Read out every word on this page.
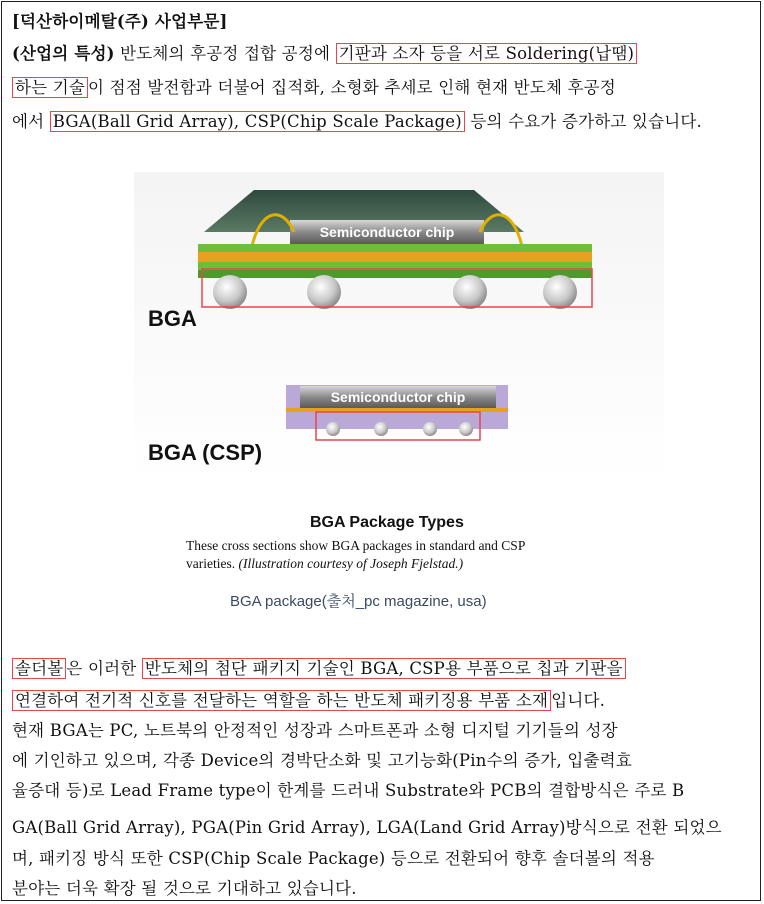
[덕산하이메탈(주) 사업부문]
(산업의 특성) 반도체의 후공정 접합 공정에 기판과 소자 등을 서로 Soldering(납땜)
하는 기술 이 점점 발전함과 더불어 집적화, 소형화 추세로 인해 현재 반도체 후공정
에서 BGA(Ball Grid Array), CSP(Chip Scale Package) 등의 수요가 증가하고 있습니다.
Semiconductor chip
BGA
Semiconductor chip
BGA (CSP)
BGA Package Types
These cross sections show BGA packages in standard and CSP
varieties. (Illustration courtesy of Joseph Fjelstad.)
BGA package(출처_pc magazine, usa)
솔더볼 은 이러한 반도체의 첨단 패키지 기술인 BGA, CSP용 부품으로 칩과 기판을
연결하여 전기적 신호를 전달하는 역할을 하는 반도체 패키징용 부품 소재 입니다.
현재 BGA는 PC, 노트북의 안정적인 성장과 스마트폰과 소형 디지털 기기들의 성장
에 기인하고 있으며, 각종 Device의 경박단소화 및 고기능화(Pin수의 증가, 입출력효
율증대 등)로 Lead Frame type이 한계를 드러내 Substrate와 PCB의 결합방식은 주로 B
GA(Ball Grid Array), PGA(Pin Grid Array), LGA(Land Grid Array)방식으로 전환 되었으
며, 패키징 방식 또한 CSP(Chip Scale Package) 등으로 전환되어 향후 솔더볼의 적용
분야는 더욱 확장 될 것으로 기대하고 있습니다.
